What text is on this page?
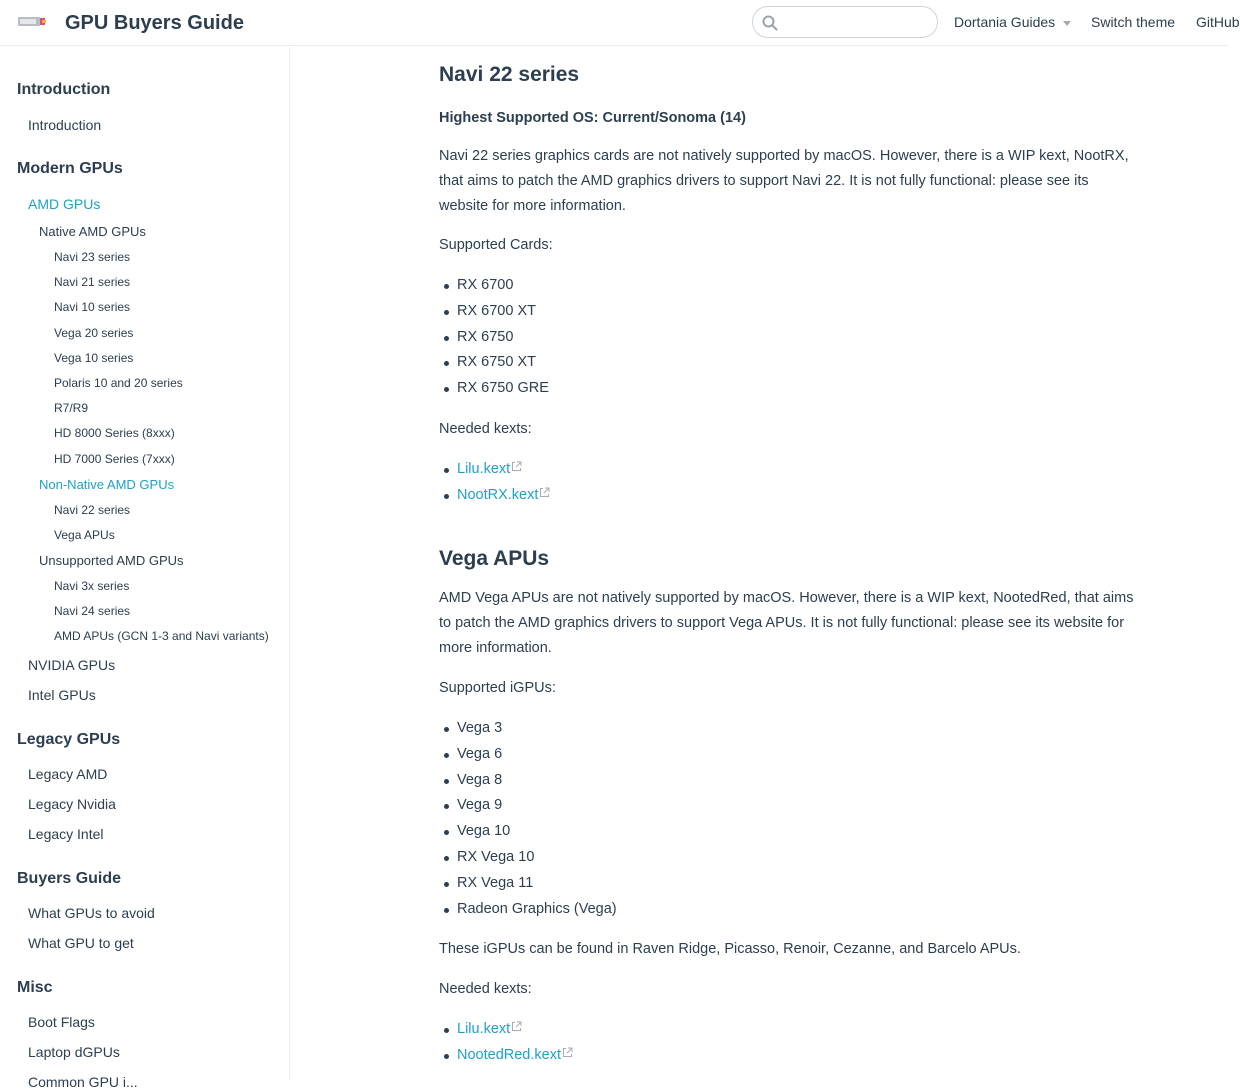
GPU Buyers Guide	Dortania Guides	Switch theme GitHub
Introduction
Introduction
Modern GPUs
AMD GPUs
Native AMD GPUs
Navi 23 series
Navi 21 series
Navi 10 series
Vega 20 series
Vega 10 series
Polaris 10 and 20 series
R7/R9
HD 8000 Series (8xxx)
HD 7000 Series (7xxx)
Non-Native AMD GPUs
Navi 22 series
Vega APUs
Unsupported AMD GPUs
Navi 3x series
Navi 24 series
AMD APUs (GCN 1-3 and Navi variants)
NVIDIA GPUs
Intel GPUs
Legacy GPUs
Legacy AMD
Legacy Nvidia
Legacy Intel
Buyers Guide
What GPUs to avoid
What GPU to get
Misc
Boot Flags
Laptop dGPUs
Common GPU i...
Navi 22 series
Highest Supported OS: Current/Sonoma (14)
Navi 22 series graphics cards are not natively supported by macOS. However, there is a WIP kext, NootRX, that aims to patch the AMD graphics drivers to support Navi 22. It is not fully functional: please see its website for more information.
Supported Cards:
RX 6700
RX 6700 XT
RX 6750
RX 6750 XT
RX 6750 GRE
Needed kexts:
Lilu.kext
NootRX.kext
Vega APUs
AMD Vega APUs are not natively supported by macOS. However, there is a WIP kext, NootedRed, that aims to patch the AMD graphics drivers to support Vega APUs. It is not fully functional: please see its website for more information.
Supported iGPUs:
Vega 3
Vega 6
Vega 8
Vega 9
Vega 10
RX Vega 10
RX Vega 11
Radeon Graphics (Vega)
These iGPUs can be found in Raven Ridge, Picasso, Renoir, Cezanne, and Barcelo APUs.
Needed kexts:
Lilu.kext
NootedRed.kext
